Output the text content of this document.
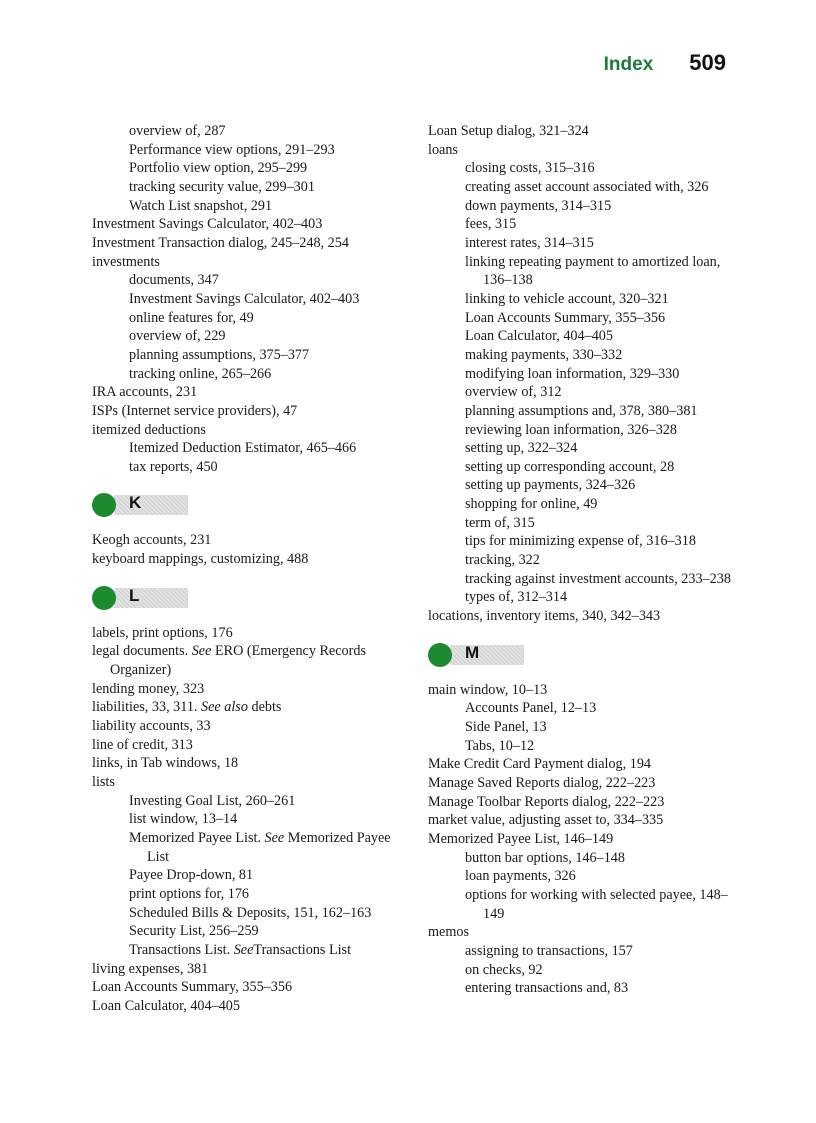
Index 509
overview of, 287
Performance view options, 291–293
Portfolio view option, 295–299
tracking security value, 299–301
Watch List snapshot, 291
Investment Savings Calculator, 402–403
Investment Transaction dialog, 245–248, 254
investments
documents, 347
Investment Savings Calculator, 402–403
online features for, 49
overview of, 229
planning assumptions, 375–377
tracking online, 265–266
IRA accounts, 231
ISPs (Internet service providers), 47
itemized deductions
Itemized Deduction Estimator, 465–466
tax reports, 450
K
Keogh accounts, 231
keyboard mappings, customizing, 488
L
labels, print options, 176
legal documents. See ERO (Emergency Records Organizer)
lending money, 323
liabilities, 33, 311. See also debts
liability accounts, 33
line of credit, 313
links, in Tab windows, 18
lists
Investing Goal List, 260–261
list window, 13–14
Memorized Payee List. See Memorized Payee List
Payee Drop-down, 81
print options for, 176
Scheduled Bills & Deposits, 151, 162–163
Security List, 256–259
Transactions List. SeeTransactions List
living expenses, 381
Loan Accounts Summary, 355–356
Loan Calculator, 404–405
Loan Setup dialog, 321–324
loans
closing costs, 315–316
creating asset account associated with, 326
down payments, 314–315
fees, 315
interest rates, 314–315
linking repeating payment to amortized loan, 136–138
linking to vehicle account, 320–321
Loan Accounts Summary, 355–356
Loan Calculator, 404–405
making payments, 330–332
modifying loan information, 329–330
overview of, 312
planning assumptions and, 378, 380–381
reviewing loan information, 326–328
setting up, 322–324
setting up corresponding account, 28
setting up payments, 324–326
shopping for online, 49
term of, 315
tips for minimizing expense of, 316–318
tracking, 322
tracking against investment accounts, 233–238
types of, 312–314
locations, inventory items, 340, 342–343
M
main window, 10–13
Accounts Panel, 12–13
Side Panel, 13
Tabs, 10–12
Make Credit Card Payment dialog, 194
Manage Saved Reports dialog, 222–223
Manage Toolbar Reports dialog, 222–223
market value, adjusting asset to, 334–335
Memorized Payee List, 146–149
button bar options, 146–148
loan payments, 326
options for working with selected payee, 148–149
memos
assigning to transactions, 157
on checks, 92
entering transactions and, 83
